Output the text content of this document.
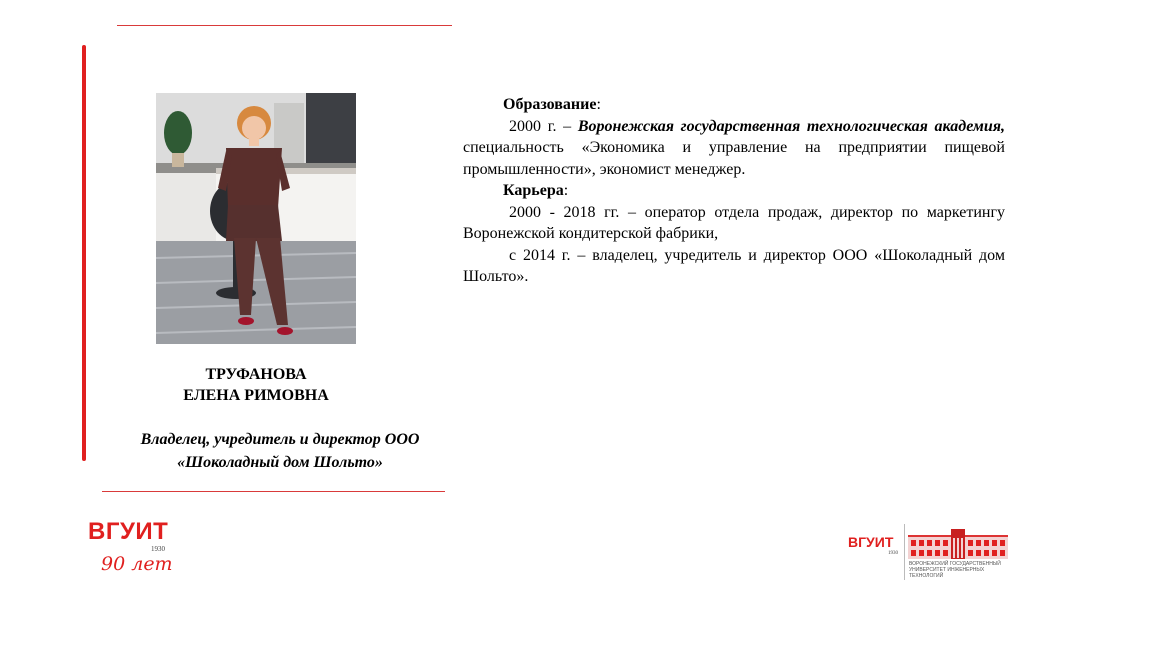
ТРУФАНОВА
ЕЛЕНА РИМОВНА
Владелец, учредитель и директор ООО
«Шоколадный дом Шольто»

Образование:

2000 г. – Воронежская государственная технологическая академия, специальность «Экономика и управление на предприятии пищевой промышленности», экономист менеджер.

Карьера:

2000 - 2018 гг. – оператор отдела продаж, директор по маркетингу Воронежской кондитерской фабрики,

с 2014 г. – владелец, учредитель и директор ООО «Шоколадный дом Шольто».

ВГУИТ
1930
90 лет
ВГУИТ
1930
ВОРОНЕЖСКИЙ ГОСУДАРСТВЕННЫЙ УНИВЕРСИТЕТ ИНЖЕНЕРНЫХ ТЕХНОЛОГИЙ
